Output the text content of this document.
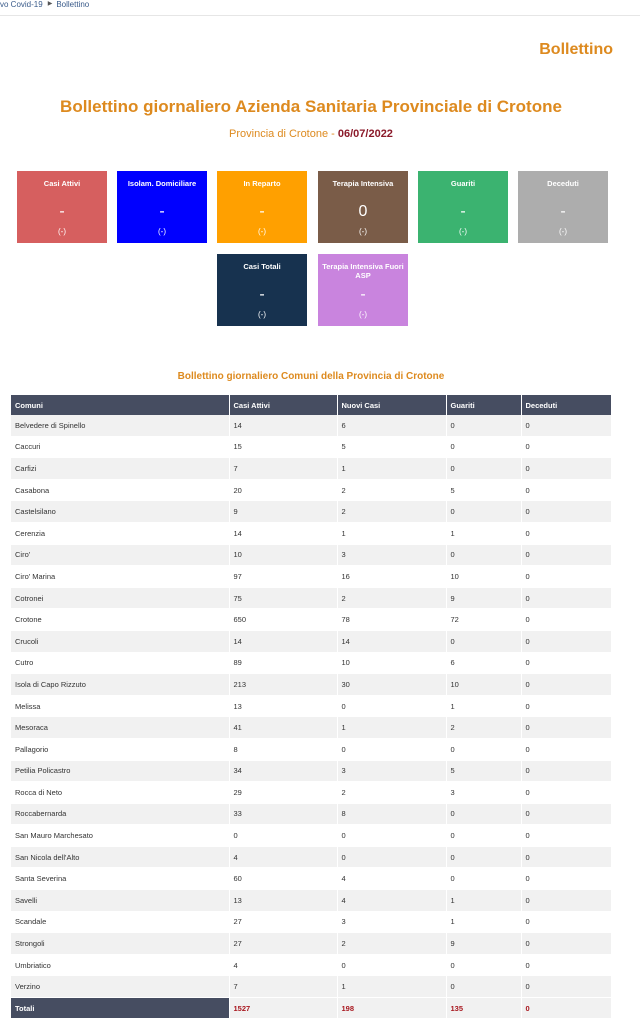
vo Covid-19 ▶ Bollettino
Bollettino
Bollettino giornaliero Azienda Sanitaria Provinciale di Crotone
Provincia di Crotone - 06/07/2022
Casi Attivi
-
(-)
Isolam. Domiciliare
-
(-)
In Reparto
-
(-)
Terapia Intensiva
0
(-)
Guariti
-
(-)
Deceduti
-
(-)
Casi Totali
-
(-)
Terapia Intensiva Fuori ASP
-
(-)
Bollettino giornaliero Comuni della Provincia di Crotone
Comuni	Casi Attivi	Nuovi Casi	Guariti	Deceduti
Belvedere di Spinello	14	6	0	0
Caccuri	15	5	0	0
Carfizi	7	1	0	0
Casabona	20	2	5	0
Castelsilano	9	2	0	0
Cerenzia	14	1	1	0
Ciro'	10	3	0	0
Ciro' Marina	97	16	10	0
Cotronei	75	2	9	0
Crotone	650	78	72	0
Crucoli	14	14	0	0
Cutro	89	10	6	0
Isola di Capo Rizzuto	213	30	10	0
Melissa	13	0	1	0
Mesoraca	41	1	2	0
Pallagorio	8	0	0	0
Petilia Policastro	34	3	5	0
Rocca di Neto	29	2	3	0
Roccabernarda	33	8	0	0
San Mauro Marchesato	0	0	0	0
San Nicola dell'Alto	4	0	0	0
Santa Severina	60	4	0	0
Savelli	13	4	1	0
Scandale	27	3	1	0
Strongoli	27	2	9	0
Umbriatico	4	0	0	0
Verzino	7	1	0	0
Totali	1527	198	135	0
